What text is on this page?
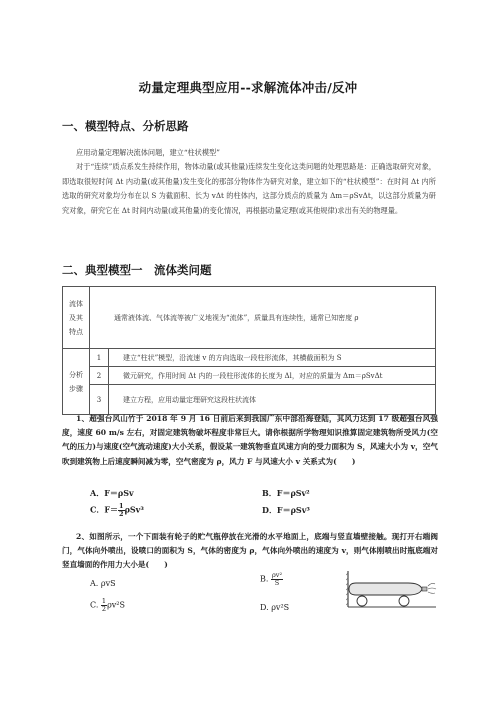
动量定理典型应用--求解流体冲击/反冲
一、模型特点、分析思路

应用动量定理解决流体问题，建立“柱状模型”

对于“连续”质点系发生持续作用，物体动量(或其他量)连续发生变化这类问题的处理思路是：正确选取研究对象，即选取很短时间 Δt 内动量(或其他量)发生变化的那部分物体作为研究对象，建立如下的“柱状模型”：在时间 Δt 内所选取的研究对象均分布在以 S 为截面积、长为 vΔt 的柱体内，这部分质点的质量为 Δm＝ρSvΔt，以这部分质量为研究对象，研究它在 Δt 时间内动量(或其他量)的变化情况，再根据动量定理(或其他规律)求出有关的物理量。

二、典型模型一　流体类问题
流体及其特点	通常液体流、气体流等被广义地视为“流体”，质量具有连续性，通常已知密度 ρ	
分析步骤	1	建立“柱状”模型，沿流速 v 的方向选取一段柱形流体，其横截面积为 S
	2	微元研究，作用时间 Δt 内的一段柱形流体的长度为 Δl，对应的质量为 Δm＝ρSvΔt
	3	建立方程，应用动量定理研究这段柱状流体

1、超强台风山竹于 2018 年 9 月 16 日前后来到我国广东中部沿海登陆，其风力达到 17 级超强台风强度，速度 60 m/s 左右，对固定建筑物破坏程度非常巨大。请你根据所学物理知识推算固定建筑物所受风力(空气的压力)与速度(空气流动速度)大小关系，假设某一建筑物垂直风速方向的受力面积为 S，风速大小为 v，空气吹到建筑物上后速度瞬间减为零，空气密度为 ρ，风力 F 与风速大小 v 关系式为(　　)

A．F＝ρSv	B．F＝ρSv²
C．$F= \frac{1}{2} \rho Sv^3$	D．F＝ρSv³

2、如图所示，一个下面装有轮子的贮气瓶停放在光滑的水平地面上，底端与竖直墙壁接触。现打开右端阀门，气体向外喷出，设喷口的面积为 S，气体的密度为 ρ，气体向外喷出的速度为 v，则气体刚喷出时瓶底端对竖直墙面的作用力大小是(　　)

A. ρvS	B. $\frac{\text{ρv²}}{S}$
C. $\frac{1}{2} \rho v^2S$	D. ρv²S
